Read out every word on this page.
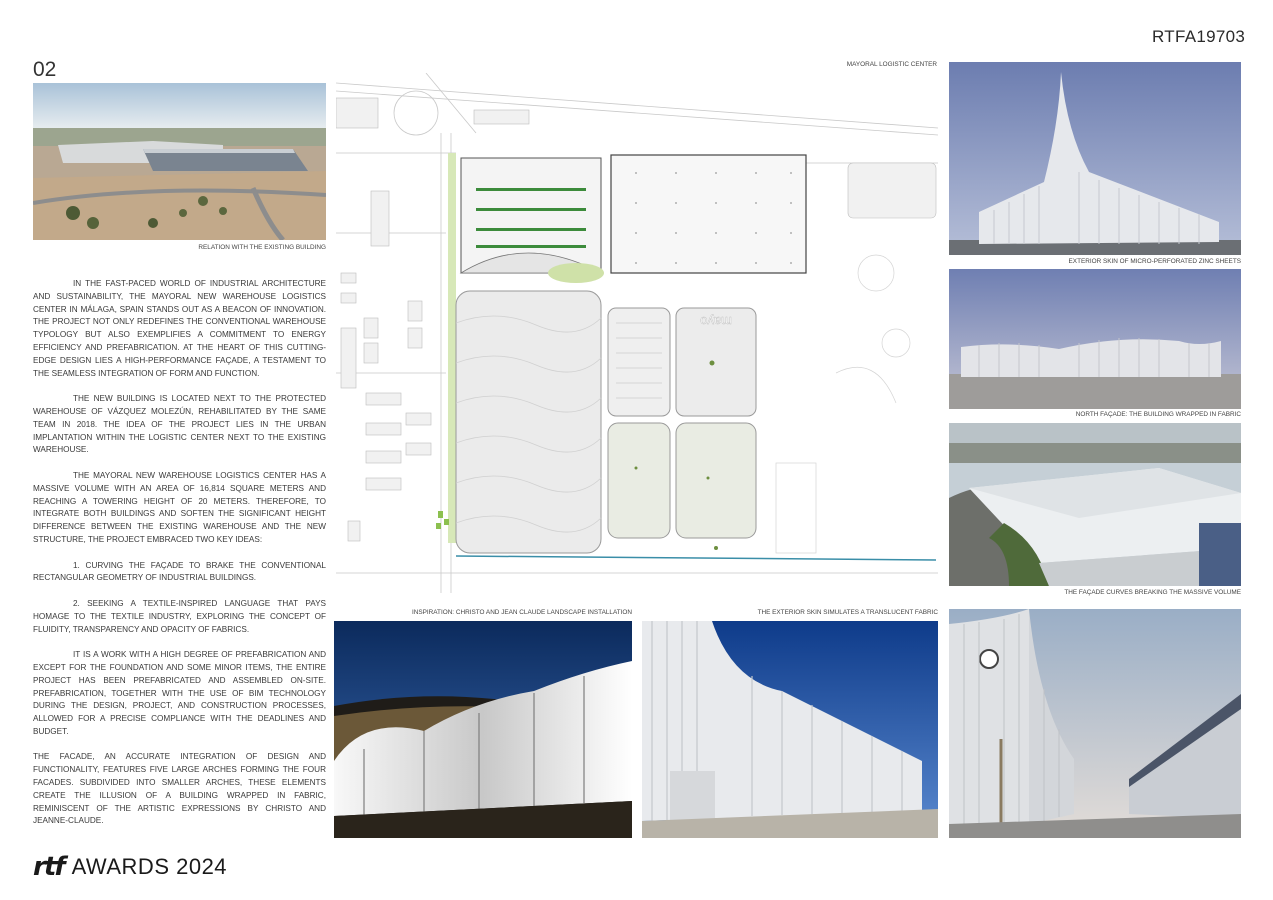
RTFA19703
02
RELATION WITH THE EXISTING BUILDING

IN THE FAST-PACED WORLD OF INDUSTRIAL ARCHITECTURE AND SUSTAINABILITY, THE MAYORAL NEW WAREHOUSE LOGISTICS CENTER IN MÁLAGA, SPAIN STANDS OUT AS A BEACON OF INNOVATION. THE PROJECT NOT ONLY REDEFINES THE CONVENTIONAL WAREHOUSE TYPOLOGY BUT ALSO EXEMPLIFIES A COMMITMENT TO ENERGY EFFICIENCY AND PREFABRICATION. AT THE HEART OF THIS CUTTING-EDGE DESIGN LIES A HIGH-PERFORMANCE FAÇADE, A TESTAMENT TO THE SEAMLESS INTEGRATION OF FORM AND FUNCTION.

THE NEW BUILDING IS LOCATED NEXT TO THE PROTECTED WAREHOUSE OF VÁZQUEZ MOLEZÚN, REHABILITATED BY THE SAME TEAM IN 2018. THE IDEA OF THE PROJECT LIES IN THE URBAN IMPLANTATION WITHIN THE LOGISTIC CENTER NEXT TO THE EXISTING WAREHOUSE.

THE MAYORAL NEW WAREHOUSE LOGISTICS CENTER HAS A MASSIVE VOLUME WITH AN AREA OF 16,814 SQUARE METERS AND REACHING A TOWERING HEIGHT OF 20 METERS. THEREFORE, TO INTEGRATE BOTH BUILDINGS AND SOFTEN THE SIGNIFICANT HEIGHT DIFFERENCE BETWEEN THE EXISTING WAREHOUSE AND THE NEW STRUCTURE, THE PROJECT EMBRACED TWO KEY IDEAS:

1. CURVING THE FAÇADE TO BRAKE THE CONVENTIONAL RECTANGULAR GEOMETRY OF INDUSTRIAL BUILDINGS.

2. SEEKING A TEXTILE-INSPIRED LANGUAGE THAT PAYS HOMAGE TO THE TEXTILE INDUSTRY, EXPLORING THE CONCEPT OF FLUIDITY, TRANSPARENCY AND OPACITY OF FABRICS.

IT IS A WORK WITH A HIGH DEGREE OF PREFABRICATION AND EXCEPT FOR THE FOUNDATION AND SOME MINOR ITEMS, THE ENTIRE PROJECT HAS BEEN PREFABRICATED AND ASSEMBLED ON-SITE. PREFABRICATION, TOGETHER WITH THE USE OF BIM TECHNOLOGY DURING THE DESIGN, PROJECT, AND CONSTRUCTION PROCESSES, ALLOWED FOR A PRECISE COMPLIANCE WITH THE DEADLINES AND BUDGET.

THE FACADE, AN ACCURATE INTEGRATION OF DESIGN AND FUNCTIONALITY, FEATURES FIVE LARGE ARCHES FORMING THE FOUR FACADES. SUBDIVIDED INTO SMALLER ARCHES, THESE ELEMENTS CREATE THE ILLUSION OF A BUILDING WRAPPED IN FABRIC, REMINISCENT OF THE ARTISTIC EXPRESSIONS BY CHRISTO AND JEANNE-CLAUDE.

MAYORAL LOGISTIC CENTER
mayo
EXTERIOR SKIN OF MICRO-PERFORATED ZINC SHEETS
NORTH FAÇADE: THE BUILDING WRAPPED IN FABRIC
THE FAÇADE CURVES BREAKING THE MASSIVE VOLUME
INSPIRATION: CHRISTO AND JEAN CLAUDE LANDSCAPE INSTALLATION	THE EXTERIOR SKIN SIMULATES A TRANSLUCENT FABRIC
rtf AWARDS 2024
